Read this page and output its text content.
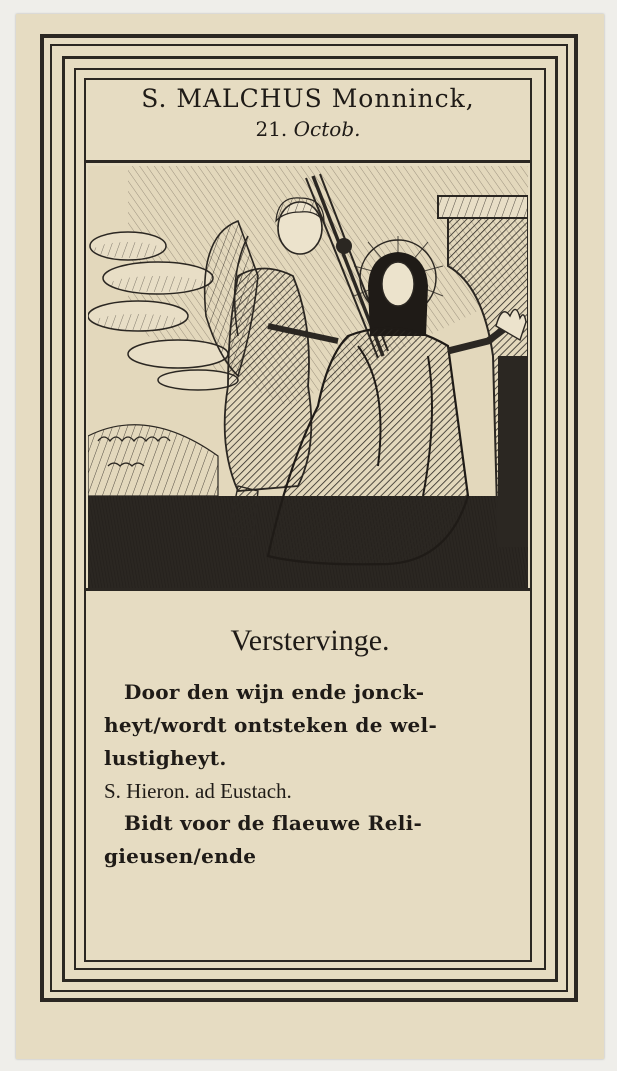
S. MALCHUS Monninck,
21. Octob.
Verstervinge.
Door den wijn ende jonck-
heyt/wordt ontsteken de wel-
lustigheyt.
S. Hieron. ad Eustach.
Bidt voor de flaeuwe Reli-
gieusen/ende
